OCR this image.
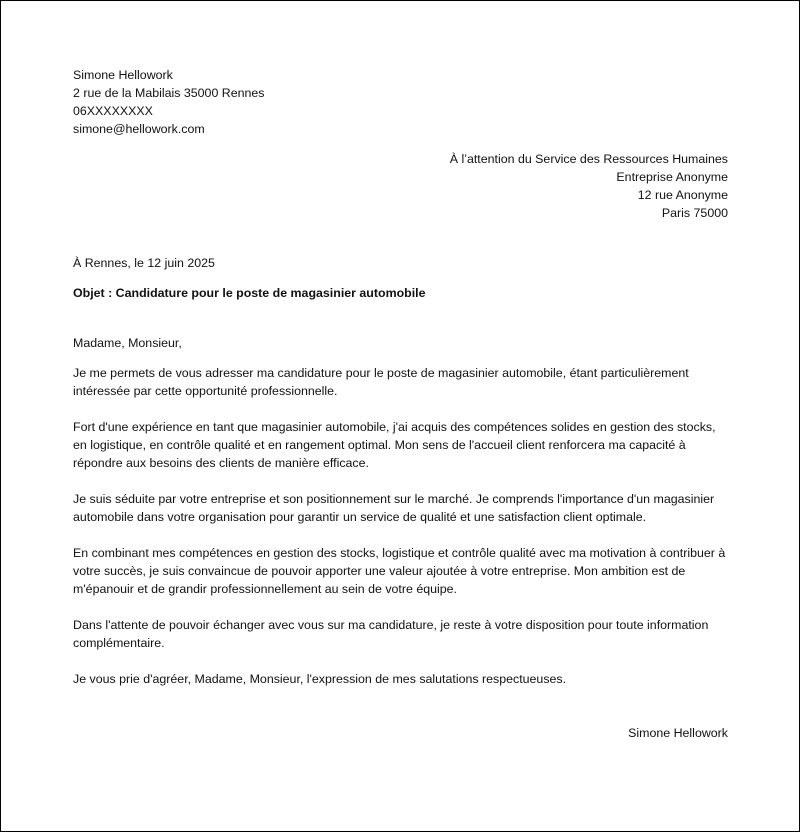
Simone Hellowork
2 rue de la Mabilais 35000 Rennes
06XXXXXXXX
simone@hellowork.com
À l’attention du Service des Ressources Humaines
Entreprise Anonyme
12 rue Anonyme
Paris 75000
À Rennes, le 12 juin 2025
Objet : Candidature pour le poste de magasinier automobile
Madame, Monsieur,
Je me permets de vous adresser ma candidature pour le poste de magasinier automobile, étant particulièrement intéressée par cette opportunité professionnelle.
Fort d'une expérience en tant que magasinier automobile, j'ai acquis des compétences solides en gestion des stocks, en logistique, en contrôle qualité et en rangement optimal. Mon sens de l'accueil client renforcera ma capacité à répondre aux besoins des clients de manière efficace.
Je suis séduite par votre entreprise et son positionnement sur le marché. Je comprends l'importance d'un magasinier automobile dans votre organisation pour garantir un service de qualité et une satisfaction client optimale.
En combinant mes compétences en gestion des stocks, logistique et contrôle qualité avec ma motivation à contribuer à votre succès, je suis convaincue de pouvoir apporter une valeur ajoutée à votre entreprise. Mon ambition est de m'épanouir et de grandir professionnellement au sein de votre équipe.
Dans l'attente de pouvoir échanger avec vous sur ma candidature, je reste à votre disposition pour toute information complémentaire.
Je vous prie d'agréer, Madame, Monsieur, l'expression de mes salutations respectueuses.
Simone Hellowork
